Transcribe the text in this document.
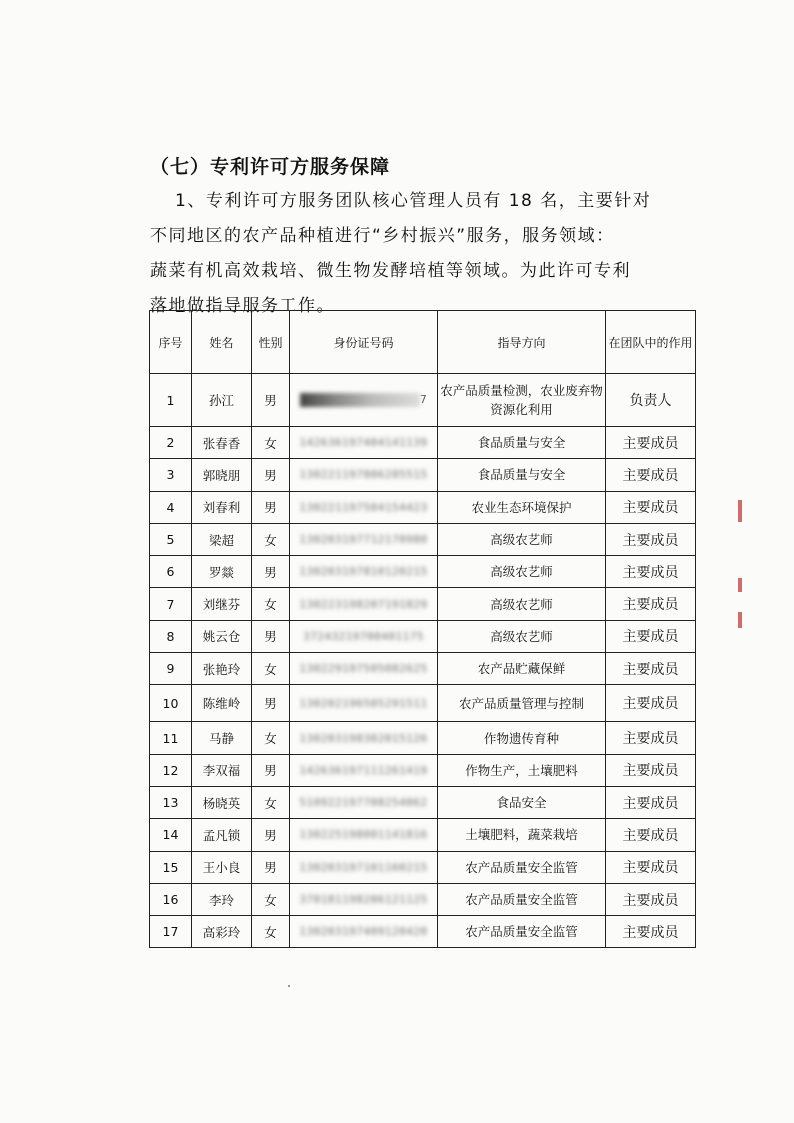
（七）专利许可方服务保障

1、专利许可方服务团队核心管理人员有 18 名，主要针对
不同地区的农产品种植进行“乡村振兴”服务，服务领域：
蔬菜有机高效栽培、微生物发酵培植等领域。为此许可专利
落地做指导服务工作。

序号	姓名	性别	身份证号码	指导方向	在团队中的作用
1	孙江	男	7	农产品质量检测，农业废弃物资源化利用	负责人
2	张春香	女	142636197404141139	食品质量与安全	主要成员
3	郭晓朋	男	130221197806285515	食品质量与安全	主要成员
4	刘春利	男	130221197504154423	农业生态环境保护	主要成员
5	梁超	女	130203197712170980	高级农艺师	主要成员
6	罗燚	男	130203197810120215	高级农艺师	主要成员
7	刘继芬	女	130223198207191829	高级农艺师	主要成员
8	姚云仓	男	37243219700401175	高级农艺师	主要成员
9	张艳玲	女	130229197505082625	农产品贮藏保鲜	主要成员
10	陈维岭	男	130202196505291511	农产品质量管理与控制	主要成员
11	马静	女	130203198302015126	作物遗传育种	主要成员
12	李双福	男	142636197111261419	作物生产，土壤肥料	主要成员
13	杨晓英	女	510922197708254062	食品安全	主要成员
14	孟凡锁	男	130225198001141816	土壤肥料，蔬菜栽培	主要成员
15	王小良	男	130203197101160215	农产品质量安全监管	主要成员
16	李玲	女	370181198206121125	农产品质量安全监管	主要成员
17	高彩玲	女	130203197409120420	农产品质量安全监管	主要成员
